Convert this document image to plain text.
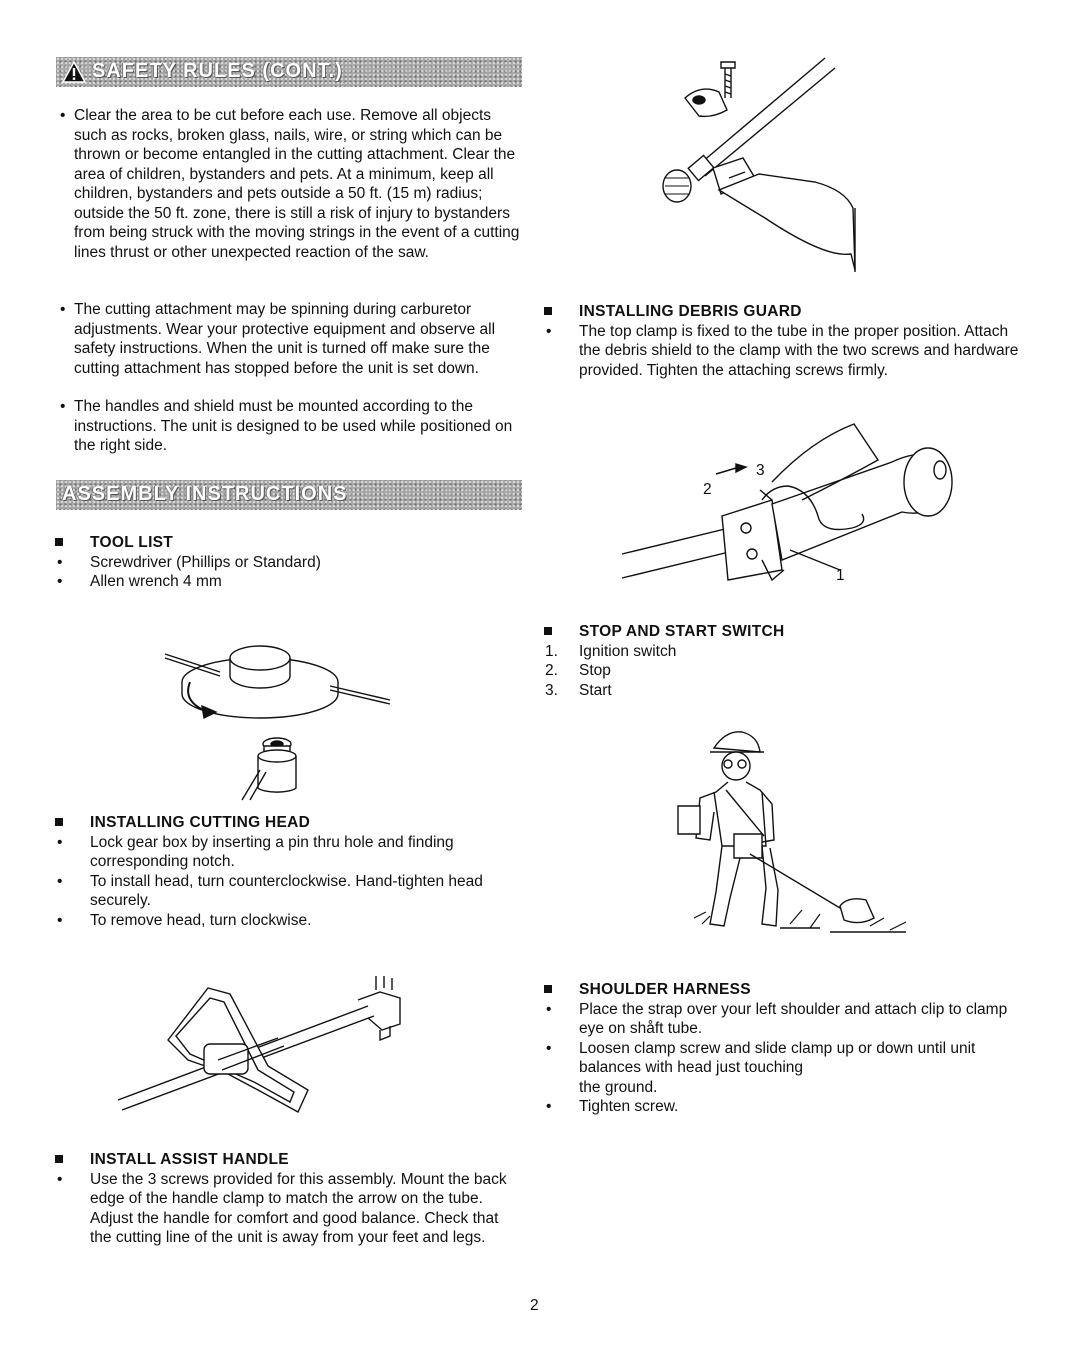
SAFETY RULES (CONT.)

• Clear the area to be cut before each use. Remove all objects such as rocks, broken glass, nails, wire, or string which can be thrown or become entangled in the cutting attachment. Clear the area of children, bystanders and pets. At a minimum, keep all children, bystanders and pets outside a 50 ft. (15 m) radius; outside the 50 ft. zone, there is still a risk of injury to bystanders from being struck with the moving strings in the event of a cutting lines thrust or other unexpected reaction of the saw.

• The cutting attachment may be spinning during carburetor adjustments. Wear your protective equipment and observe all safety instructions. When the unit is turned off make sure the cutting attachment has stopped before the unit is set down.

• The handles and shield must be mounted according to the instructions. The unit is designed to be used while positioned on the right side.

ASSEMBLY INSTRUCTIONS
TOOL LIST
• Screwdriver (Phillips or Standard)
• Allen wrench 4 mm
INSTALLING CUTTING HEAD
• Lock gear box by inserting a pin thru hole and finding corresponding notch.
• To install head, turn counterclockwise. Hand-tighten head securely.
• To remove head, turn clockwise.
INSTALL ASSIST HANDLE
• Use the 3 screws provided for this assembly. Mount the back edge of the handle clamp to match the arrow on the tube. Adjust the handle for comfort and good balance. Check that the cutting line of the unit is away from your feet and legs.
INSTALLING DEBRIS GUARD
• The top clamp is fixed to the tube in the proper position. Attach the debris shield to the clamp with the two screws and hardware provided. Tighten the attaching screws firmly.
2
3
1
STOP AND START SWITCH
1. Ignition switch
2. Stop
3. Start
SHOULDER HARNESS
• Place the strap over your left shoulder and attach clip to clamp eye on shåft tube.
• Loosen clamp screw and slide clamp up or down until unit balances with head just touching
the ground.
• Tighten screw.
2
